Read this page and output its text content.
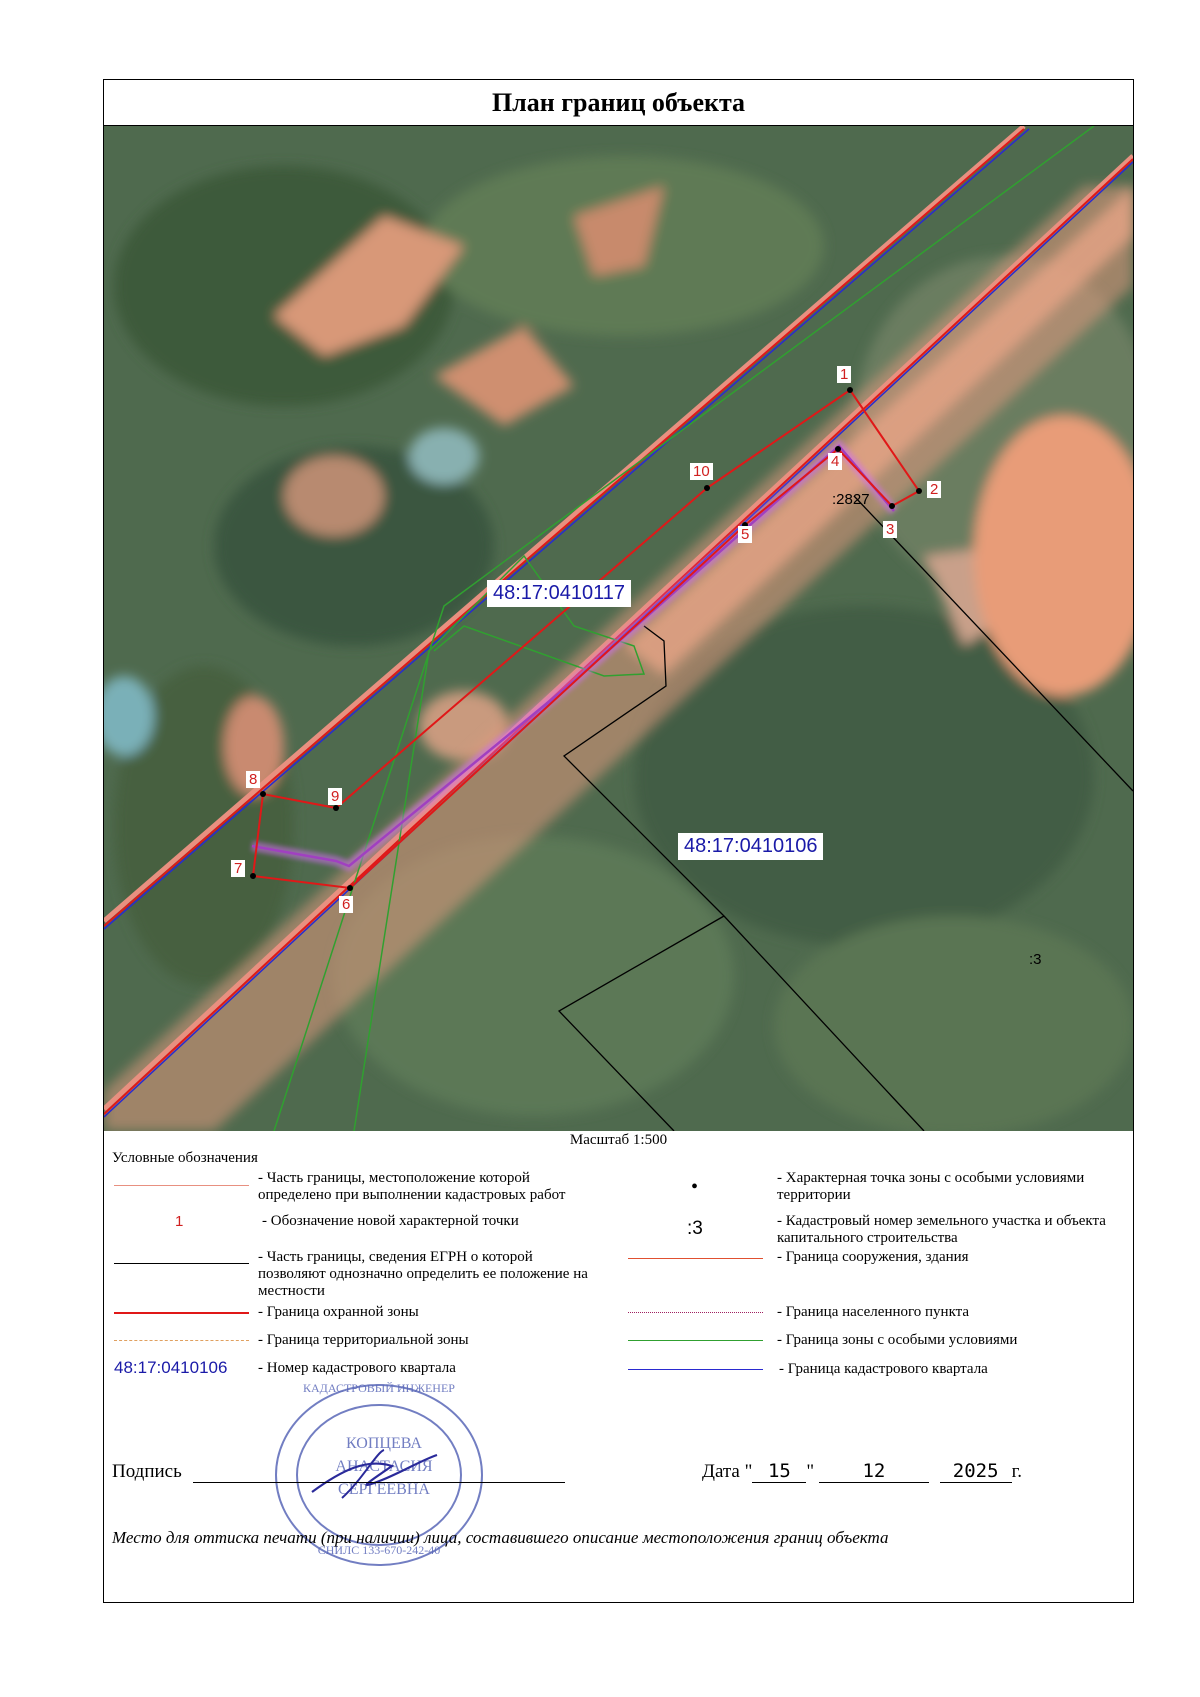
План границ объекта
1
2
3
4
5
6
7
8
9
10
:2827
:3
48:17:0410117
48:17:0410106
Масштаб 1:500
Условные обозначения
- Часть границы, местоположение которой определено при выполнении кадастровых работ
1	- Обозначение новой характерной точки
- Часть границы, сведения ЕГРН о которой позволяют однозначно определить ее положение на местности
- Граница охранной зоны
- Граница территориальной зоны
48:17:0410106 - Номер кадастрового квартала
•	- Характерная точка зоны с особыми условиями территории
:3	- Кадастровый номер земельного участка и объекта капитального строительства
- Граница сооружения, здания
- Граница населенного пункта
- Граница зоны с особыми условиями
- Граница кадастрового квартала
КАДАСТРОВЫЙ ИНЖЕНЕР
КОПЦЕВА
АНАСТАСИЯ
СЕРГЕЕВНА
СНИЛС 133-670-242-40
Подпись	Дата " 15 " 12	2025 г.
Место для оттиска печати (при наличии) лица, составившего описание местоположения границ объекта
